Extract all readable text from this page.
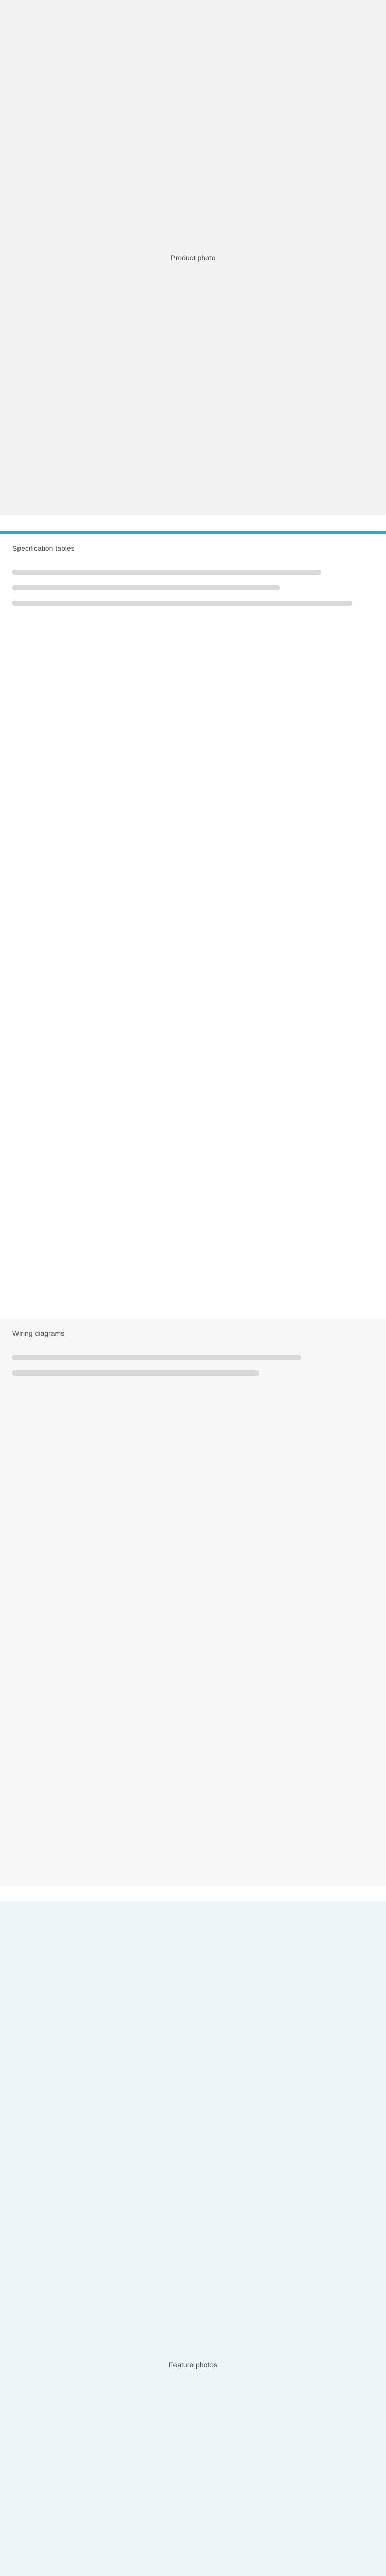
Product photo
Specification tables
Wiring diagrams
Feature photos
